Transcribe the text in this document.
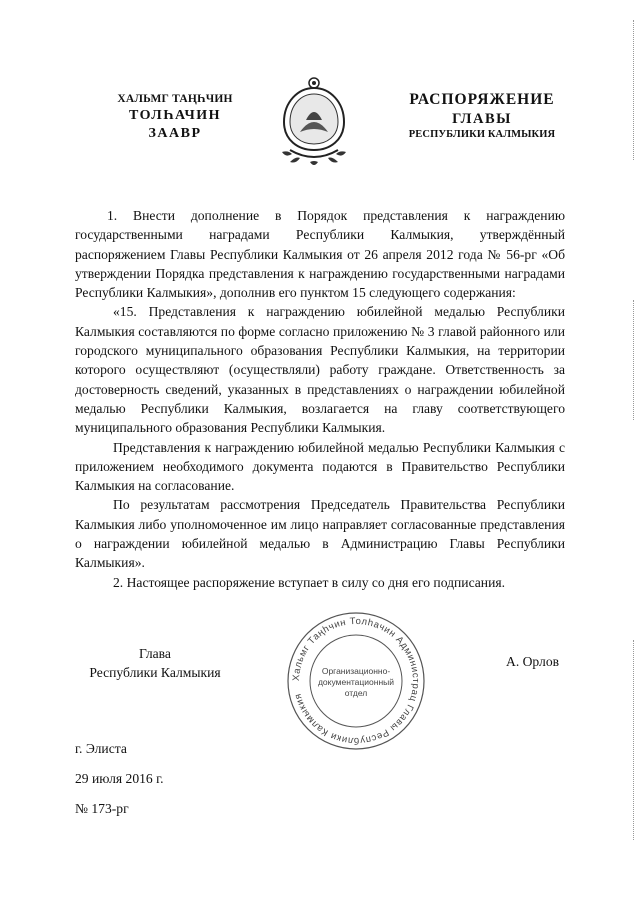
ХАЛЬМГ ТАҢҺЧИН
ТОЛҺАЧИН
ЗААВР
РАСПОРЯЖЕНИЕ
ГЛАВЫ
РЕСПУБЛИКИ КАЛМЫКИЯ

1. Внести дополнение в Порядок представления к награждению государственными наградами Республики Калмыкия, утверждённый распоряжением Главы Республики Калмыкия от 26 апреля 2012 года № 56-рг «Об утверждении Порядка представления к награждению государственными наградами Республики Калмыкия», дополнив его пунктом 15 следующего содержания:

«15. Представления к награждению юбилейной медалью Республики Калмыкия составляются по форме согласно приложению № 3 главой районного или городского муниципального образования Республики Калмыкия, на территории которого осуществляют (осуществляли) работу граждане. Ответственность за достоверность сведений, указанных в представлениях о награждении юбилейной медалью Республики Калмыкия, возлагается на главу соответствующего муниципального образования Республики Калмыкия.

Представления к награждению юбилейной медалью Республики Калмыкия с приложением необходимого документа подаются в Правительство Республики Калмыкия на согласование.

По результатам рассмотрения Председатель Правительства Республики Калмыкия либо уполномоченное им лицо направляет согласованные представления о награждении юбилейной медалью в Администрацию Главы Республики Калмыкия».

2. Настоящее распоряжение вступает в силу со дня его подписания.

Глава
Республики Калмыкия	Хальмг Таңһчин Толһачин Администрац Главы Республики Калмыкия
Организационно-
документационный
отдел
А. Орлов
г. Элиста
29 июля 2016 г.
№ 173-рг
